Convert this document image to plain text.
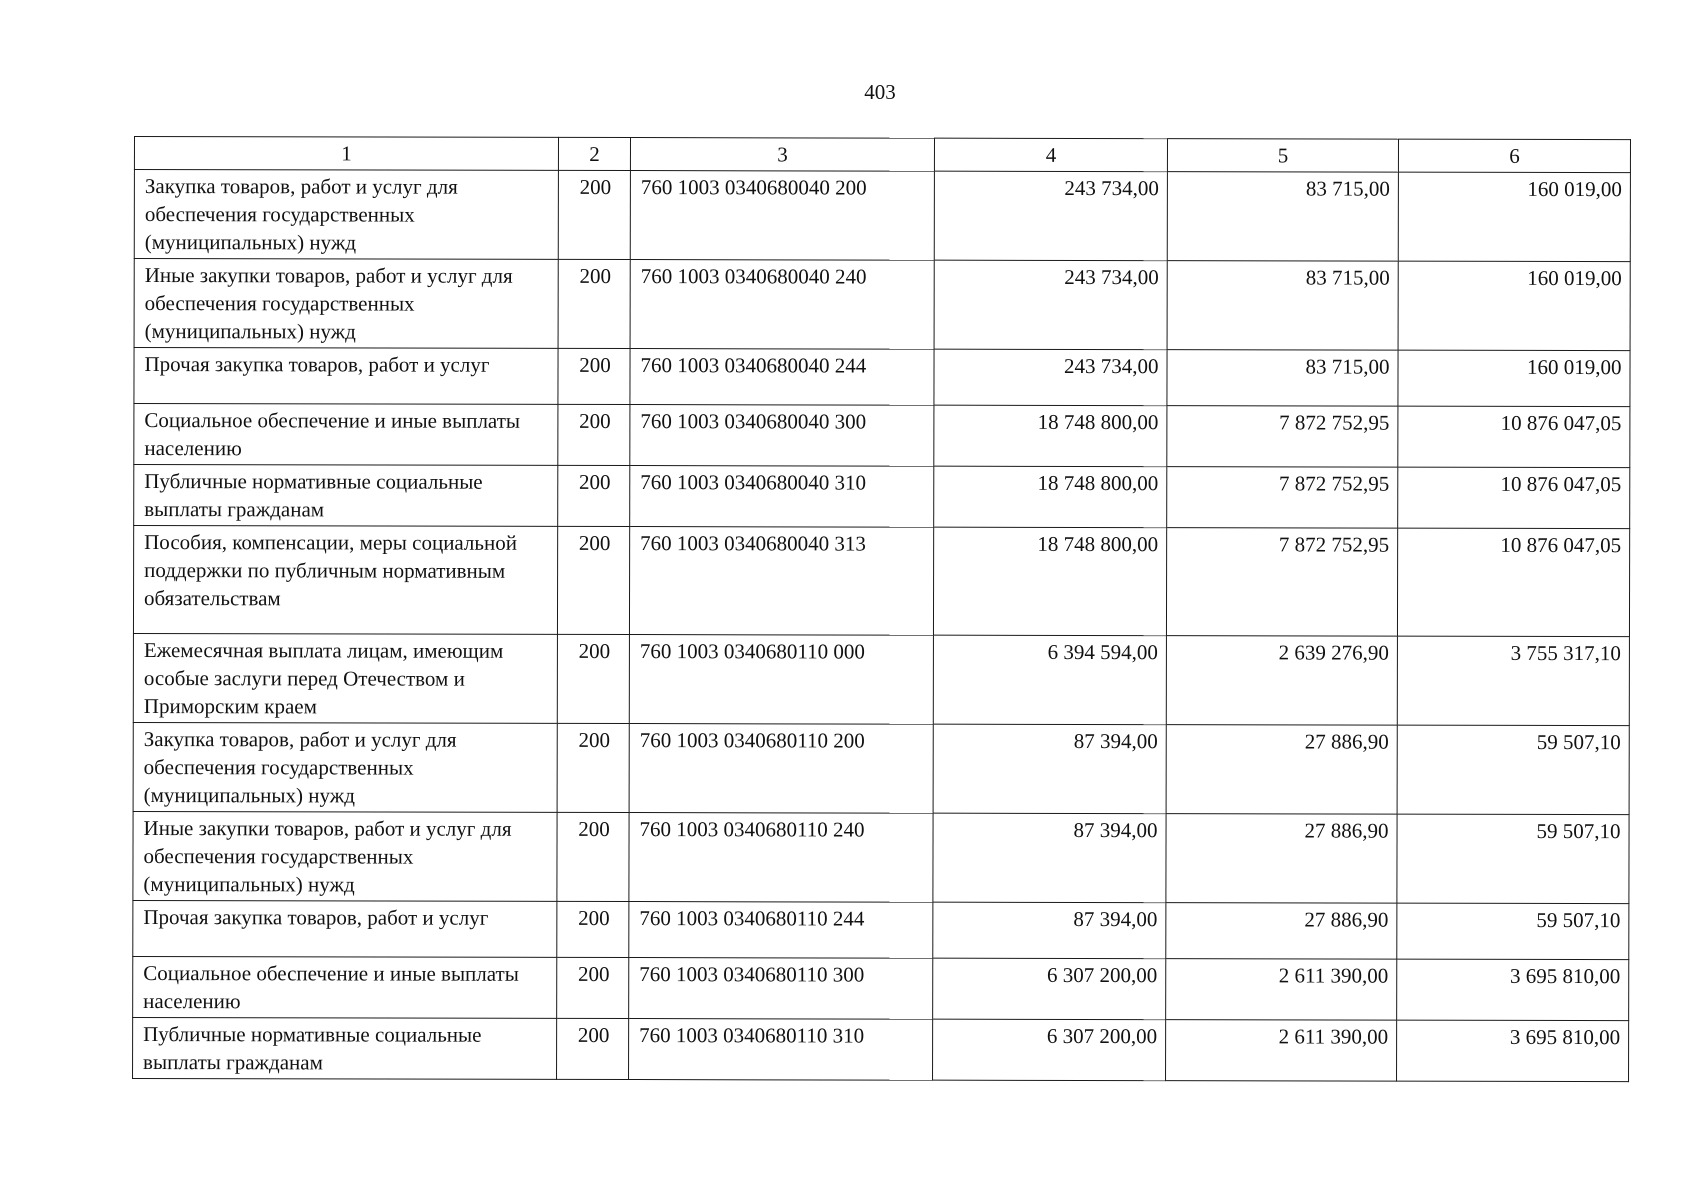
403
1	2	3	4	5	6
Закупка товаров, работ и услуг для обеспечения государственных (муниципальных) нужд	200	760 1003 0340680040 200	243 734,00	83 715,00	160 019,00
Иные закупки товаров, работ и услуг для обеспечения государственных (муниципальных) нужд	200	760 1003 0340680040 240	243 734,00	83 715,00	160 019,00
Прочая закупка товаров, работ и услуг	200	760 1003 0340680040 244	243 734,00	83 715,00	160 019,00
Социальное обеспечение и иные выплаты населению	200	760 1003 0340680040 300	18 748 800,00	7 872 752,95	10 876 047,05
Публичные нормативные социальные выплаты гражданам	200	760 1003 0340680040 310	18 748 800,00	7 872 752,95	10 876 047,05
Пособия, компенсации, меры социальной поддержки по публичным нормативным обязательствам	200	760 1003 0340680040 313	18 748 800,00	7 872 752,95	10 876 047,05
Ежемесячная выплата лицам, имеющим особые заслуги перед Отечеством и Приморским краем	200	760 1003 0340680110 000	6 394 594,00	2 639 276,90	3 755 317,10
Закупка товаров, работ и услуг для обеспечения государственных (муниципальных) нужд	200	760 1003 0340680110 200	87 394,00	27 886,90	59 507,10
Иные закупки товаров, работ и услуг для обеспечения государственных (муниципальных) нужд	200	760 1003 0340680110 240	87 394,00	27 886,90	59 507,10
Прочая закупка товаров, работ и услуг	200	760 1003 0340680110 244	87 394,00	27 886,90	59 507,10
Социальное обеспечение и иные выплаты населению	200	760 1003 0340680110 300	6 307 200,00	2 611 390,00	3 695 810,00
Публичные нормативные социальные выплаты гражданам	200	760 1003 0340680110 310	6 307 200,00	2 611 390,00	3 695 810,00
